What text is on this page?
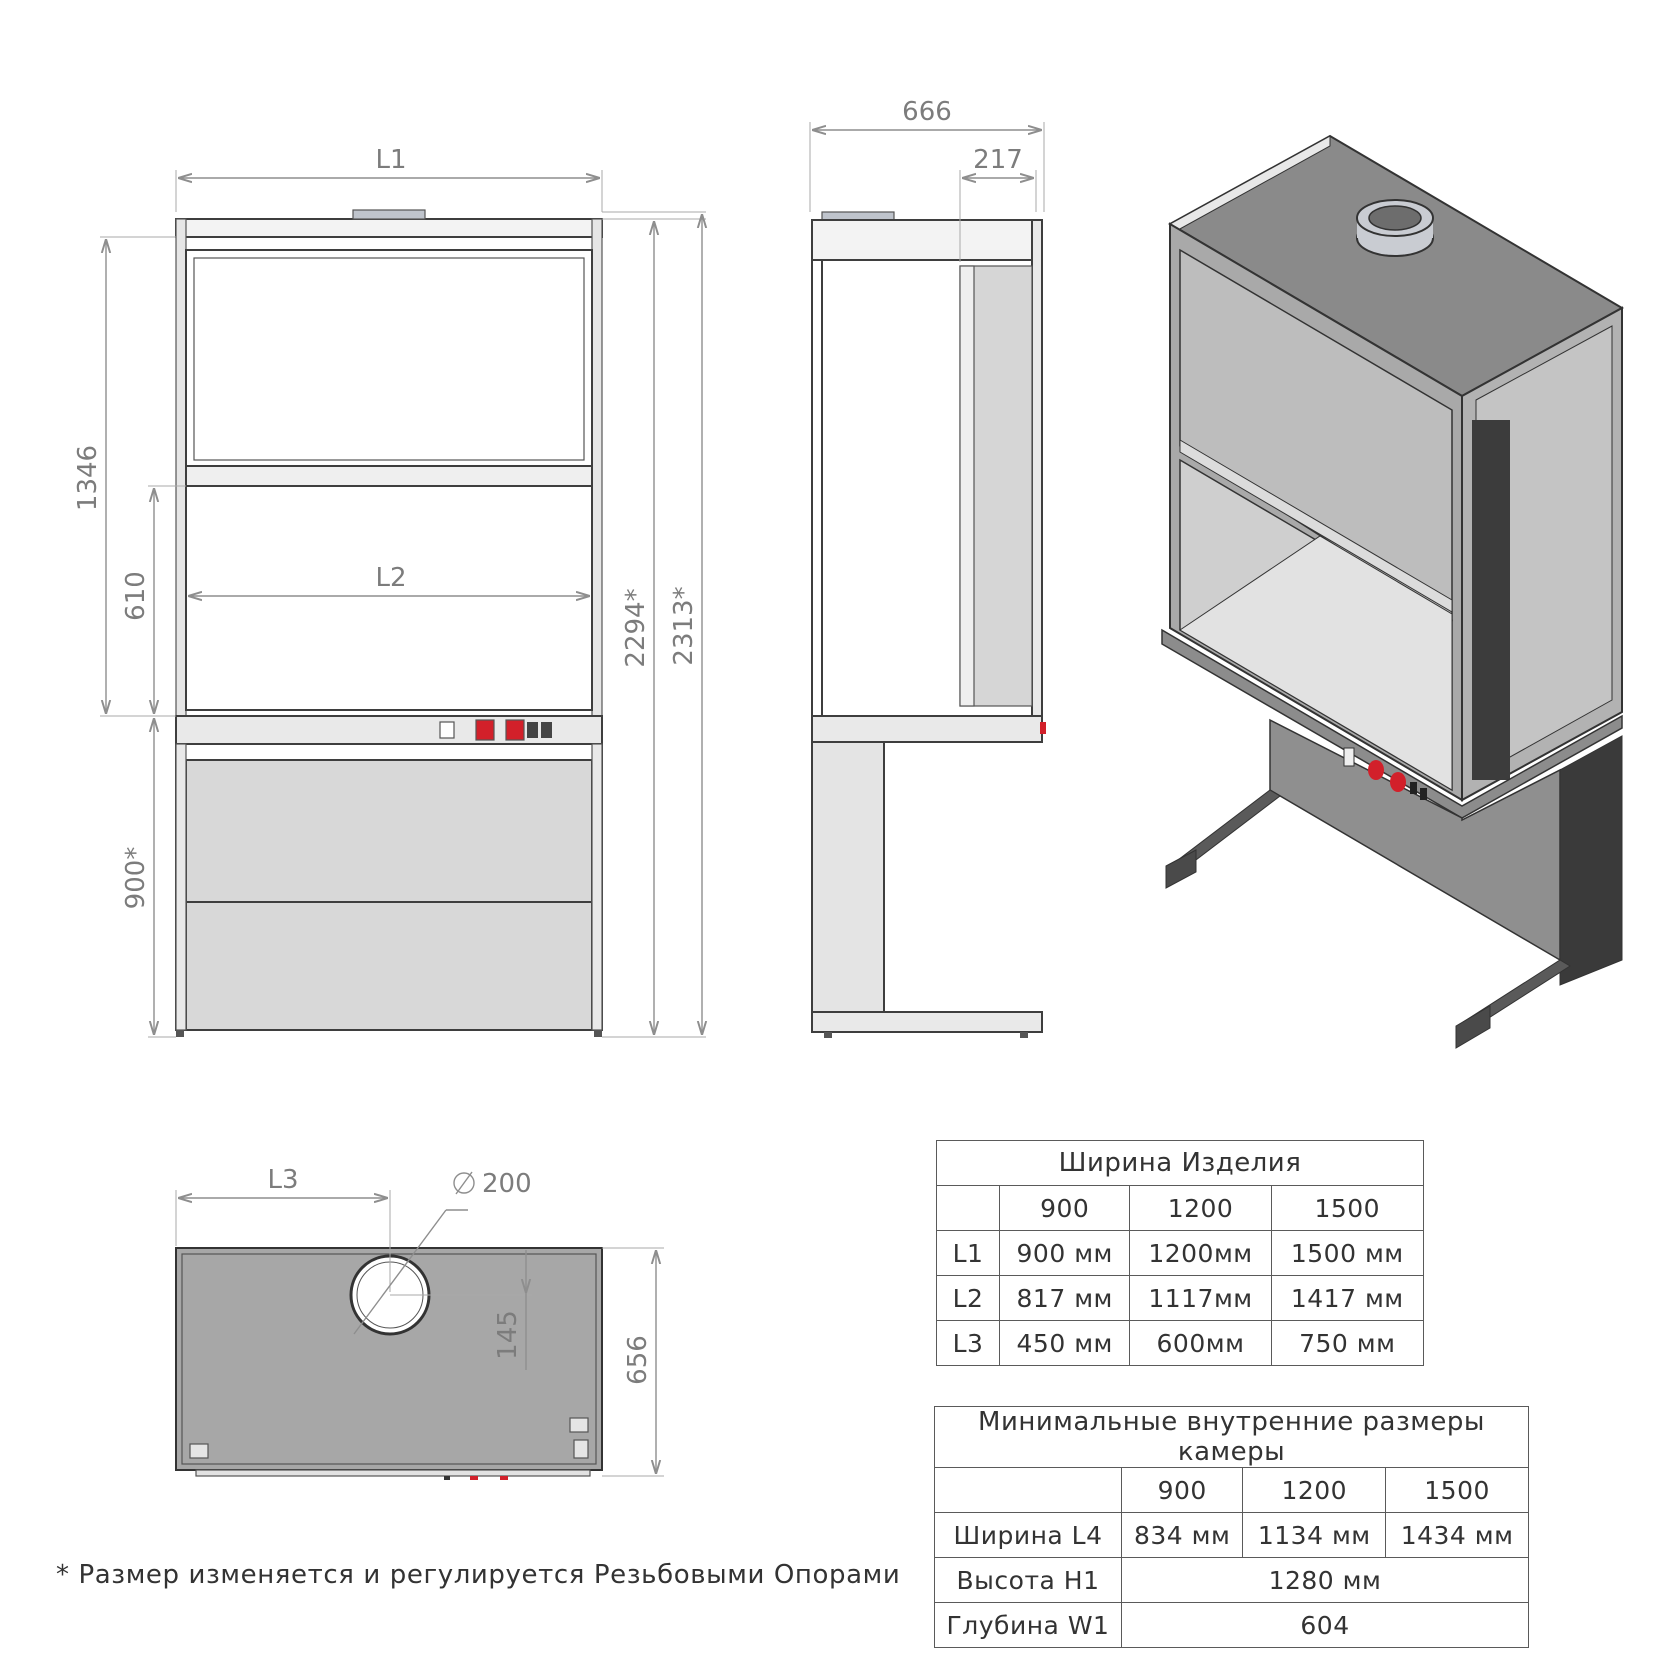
L1
L2
1346
610
900*
2294* 2313*
666
217
L3	200
145
656
Ширина Изделия			
	900	1200	1500
L1	900 мм	1200мм	1500 мм
L2	817 мм	1117мм	1417 мм
L3	450 мм	600мм	750 мм
Минимальные внутренние размеры камеры			
	900	1200	1500
Ширина L4	834 мм	1134 мм	1434 мм
Высота H1	1280 мм		
Глубина W1	604		
* Размер изменяется и регулируется Резьбовыми Опорами
